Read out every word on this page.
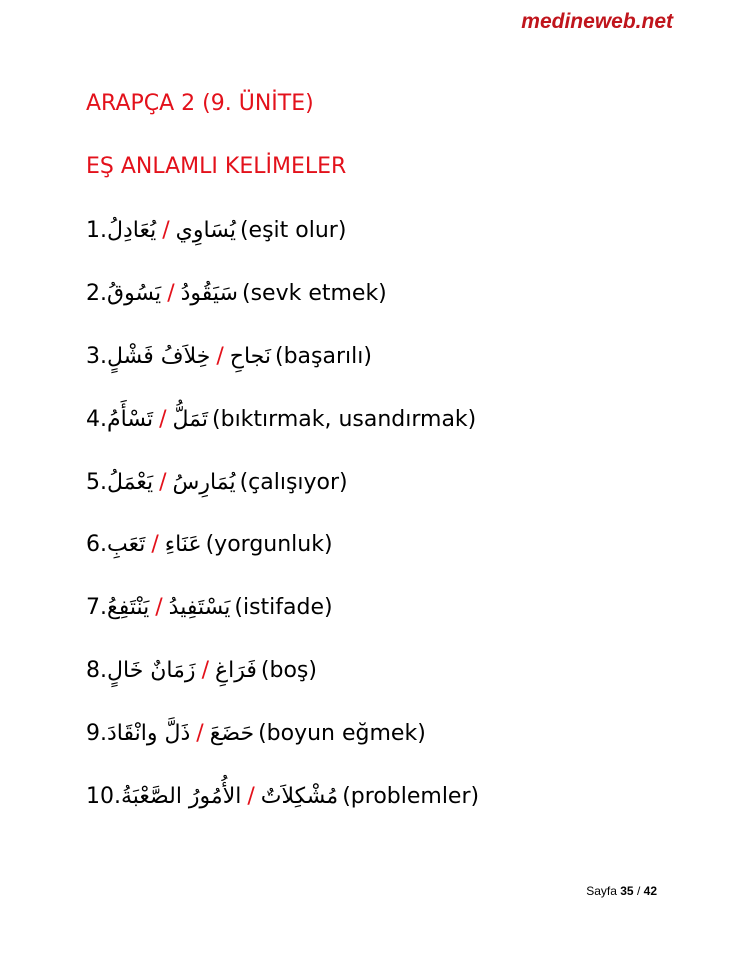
medineweb.net
ARAPÇA 2 (9. ÜNİTE)
EŞ ANLAMLI KELİMELER
1.يُعَادِلُ / يُسَاوِي (eşit olur)
2.يَسُوقُ / سَيَقُودُ (sevk etmek)
3.خِلاَفُ فَشْلٍ / نَجاحِ (başarılı)
4.تَسْأَمُ / تَمَلُّ (bıktırmak, usandırmak)
5.يَعْمَلُ / يُمَارِسُ (çalışıyor)
6.تَعَبِ / عَنَاءِ (yorgunluk)
7.يَنْتَفِعُ / يَسْتَفِيدُ (istifade)
8.زَمَانٌ خَالٍ / فَرَاغِ (boş)
9.ذَلَّ وانْقَادَ / حَضَعَ (boyun eğmek)
10.الأُمُورُ الصَّعْبَةُ / مُشْكِلاَتٌ (problemler)
Sayfa 35 / 42
